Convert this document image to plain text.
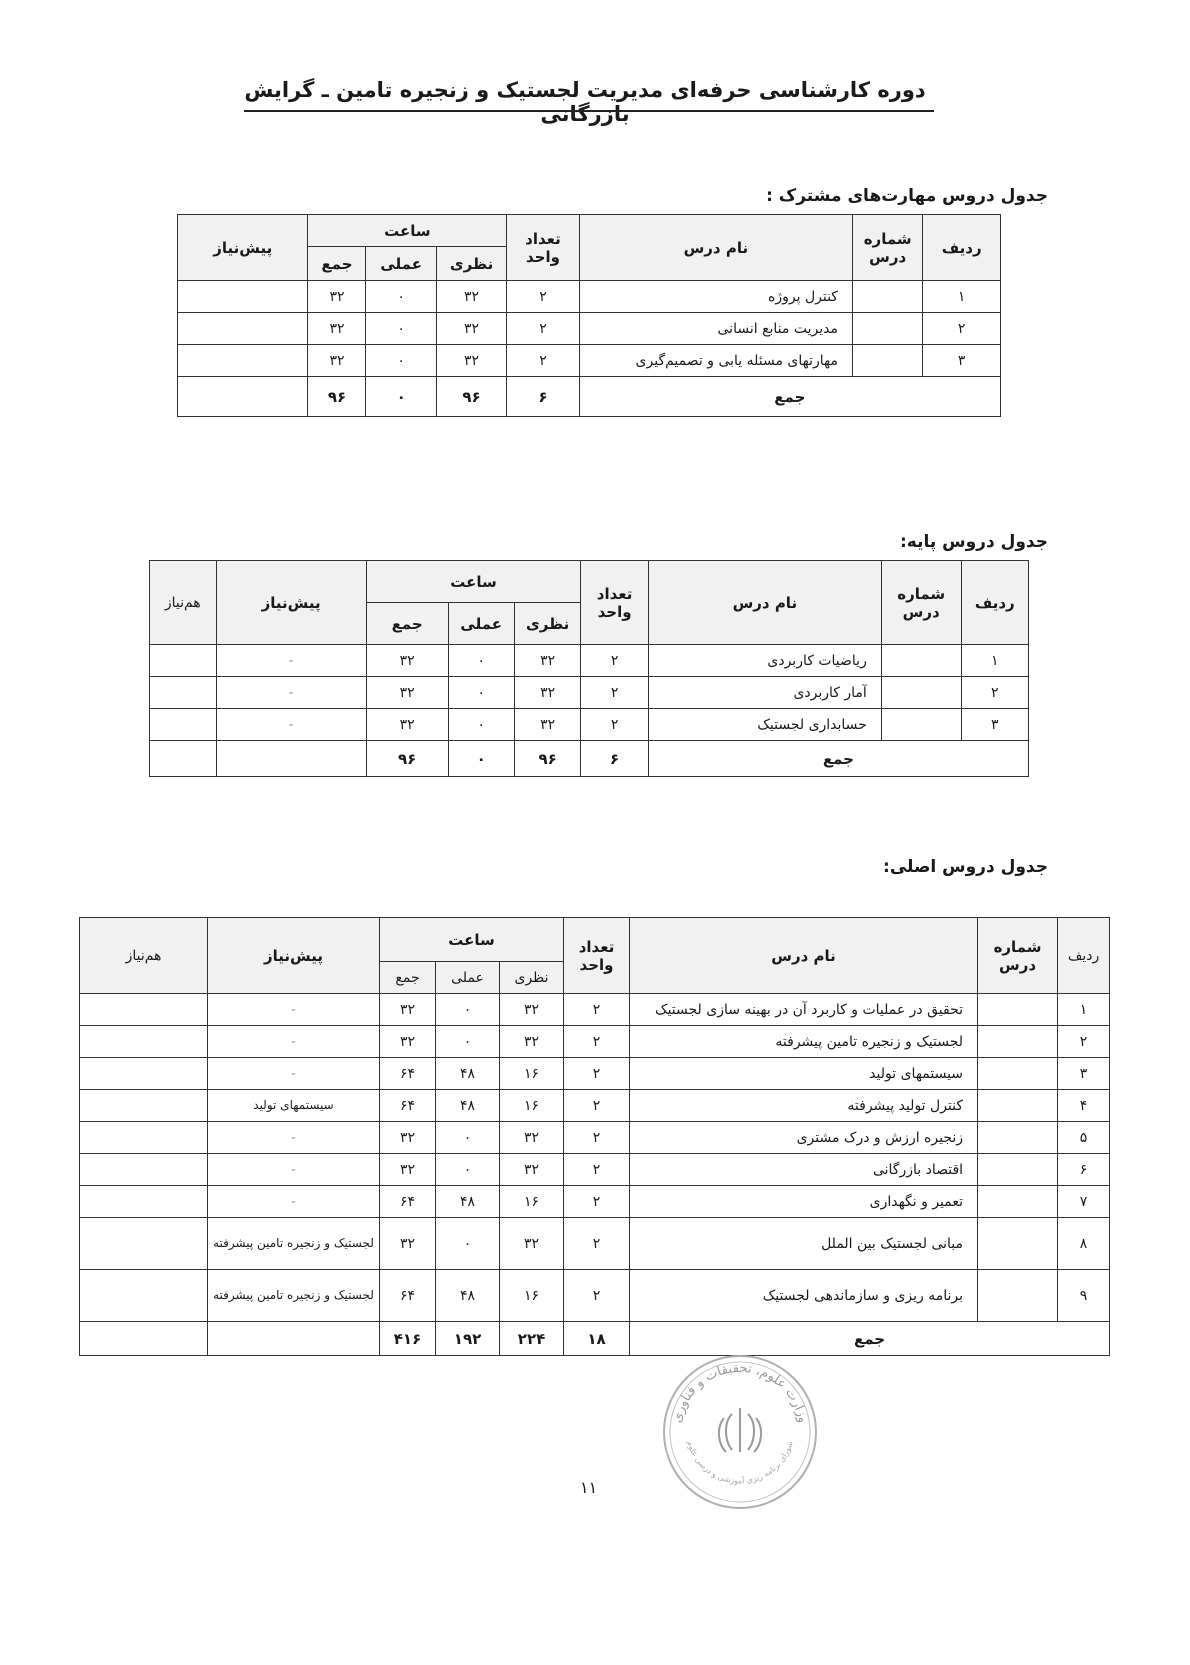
دوره کارشناسی حرفه‌ای مدیریت لجستیک و زنجیره تامین ـ گرایش بازرگانی
جدول دروس مهارت‌های مشترک :
ردیف	شماره درس	نام درس	تعداد واحد	ساعت			پیش‌نیاز
				نظری	عملی	جمع	
۱		کنترل پروژه	۲	۳۲	۰	۳۲	
۲		مدیریت منابع انسانی	۲	۳۲	۰	۳۲	
۳		مهارتهای مسئله یابی و تصمیم‌گیری	۲	۳۲	۰	۳۲	
جمع			۶	۹۶	۰	۹۶	
جدول دروس پایه:
ردیف	شماره درس	نام درس	تعداد واحد	ساعت			پیش‌نیاز	هم‌نیاز
				نظری	عملی	جمع		
۱		ریاضیات کاربردی	۲	۳۲	۰	۳۲	-	
۲		آمار کاربردی	۲	۳۲	۰	۳۲	-	
۳		حسابداری لجستیک	۲	۳۲	۰	۳۲	-	
جمع			۶	۹۶	۰	۹۶		
جدول دروس اصلی:
ردیف	شماره درس	نام درس	تعداد واحد	ساعت			پیش‌نیاز	هم‌نیاز
				نظری	عملی	جمع		
۱		تحقیق در عملیات و کاربرد آن در بهینه سازی لجستیک	۲	۳۲	۰	۳۲	-	
۲		لجستیک و زنجیره تامین پیشرفته	۲	۳۲	۰	۳۲	-	
۳		سیستمهای تولید	۲	۱۶	۴۸	۶۴	-	
۴		کنترل تولید پیشرفته	۲	۱۶	۴۸	۶۴	سیستمهای تولید	
۵		زنجیره ارزش و درک مشتری	۲	۳۲	۰	۳۲	-	
۶		اقتصاد بازرگانی	۲	۳۲	۰	۳۲	-	
۷		تعمیر و نگهداری	۲	۱۶	۴۸	۶۴	-	
۸		مبانی لجستیک بین الملل	۲	۳۲	۰	۳۲	لجستیک و زنجیره تامین پیشرفته	
۹		برنامه ریزی و سازماندهی لجستیک	۲	۱۶	۴۸	۶۴	لجستیک و زنجیره تامین پیشرفته	
جمع			۱۸	۲۲۴	۱۹۲	۴۱۶		
وزارت علوم، تحقیقات و فناوری
شورای برنامه ریزی آموزشی و درسی علوم
۱۱
